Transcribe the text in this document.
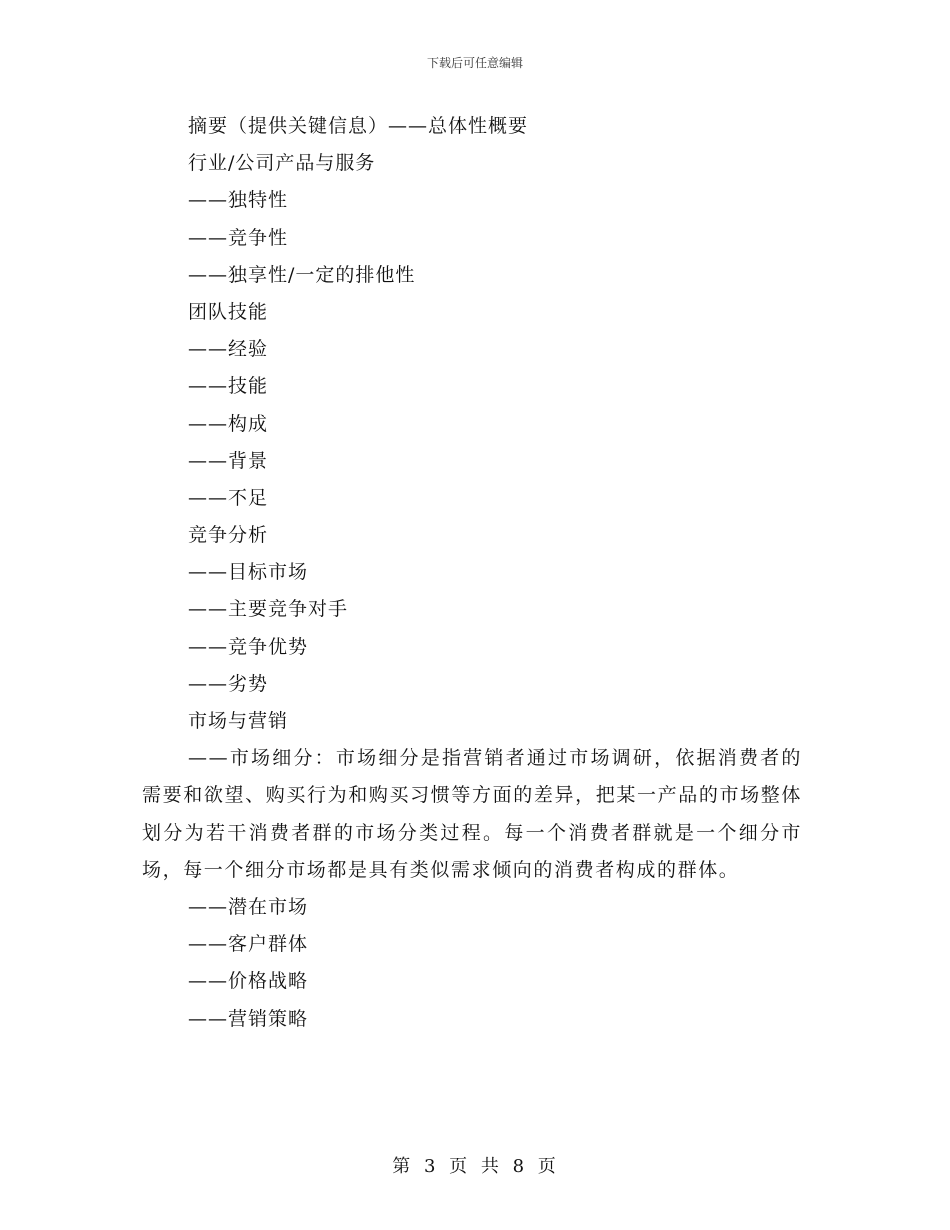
下载后可任意编辑
摘要（提供关键信息）——总体性概要
行业/公司产品与服务
——独特性
——竞争性
——独享性/一定的排他性
团队技能
——经验
——技能
——构成
——背景
——不足
竞争分析
——目标市场
——主要竞争对手
——竞争优势
——劣势
市场与营销

——市场细分：市场细分是指营销者通过市场调研，依据消费者的需要和欲望、购买行为和购买习惯等方面的差异，把某一产品的市场整体划分为若干消费者群的市场分类过程。每一个消费者群就是一个细分市场，每一个细分市场都是具有类似需求倾向的消费者构成的群体。

——潜在市场
——客户群体
——价格战略
——营销策略
第 3 页 共 8 页
